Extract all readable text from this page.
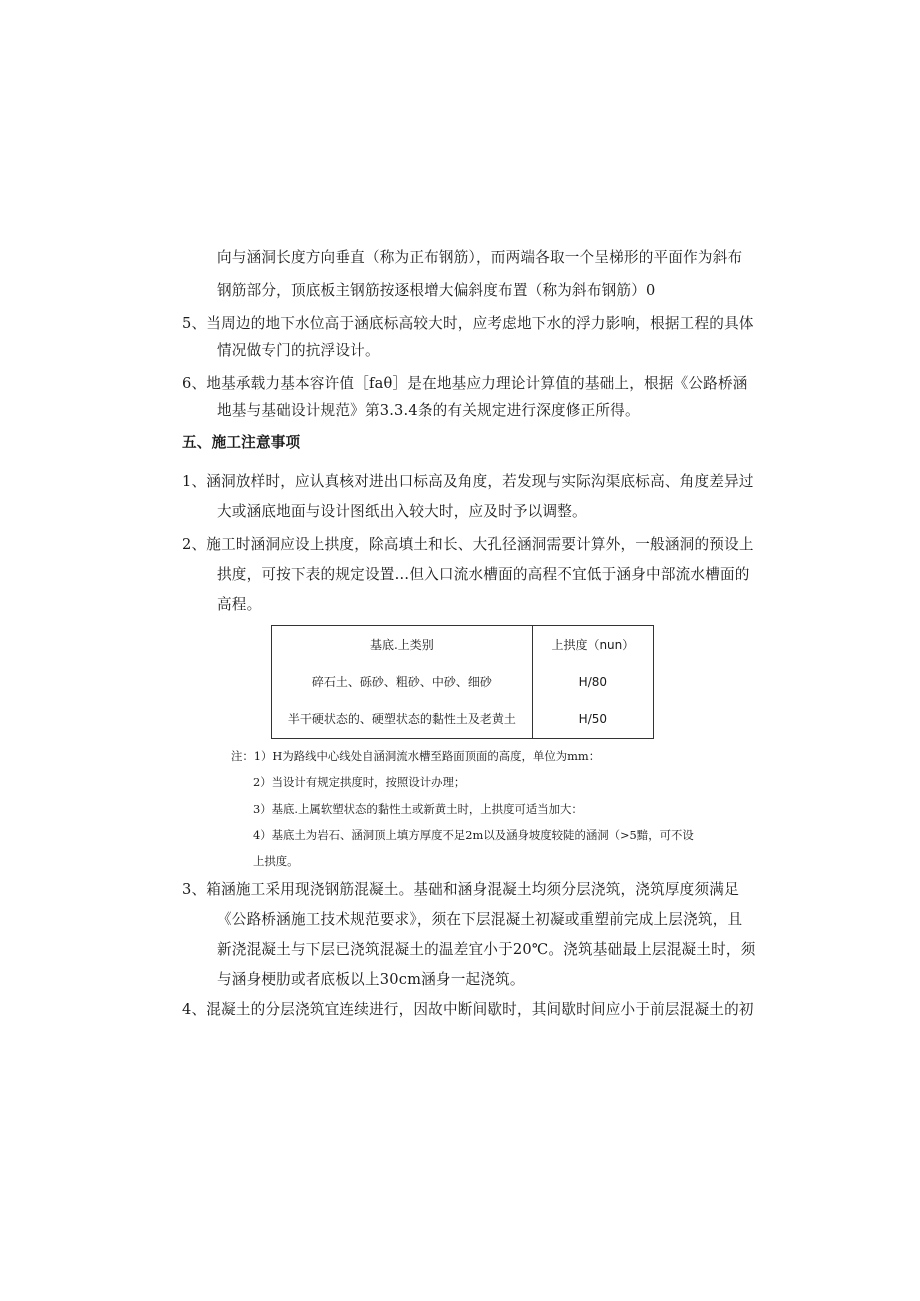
向与涵洞长度方向垂直（称为正布钢筋），而两端各取一个呈梯形的平面作为斜布
钢筋部分，顶底板主钢筋按逐根增大偏斜度布置（称为斜布钢筋）0
5、当周边的地下水位高于涵底标高较大时，应考虑地下水的浮力影响，根据工程的具体
情况做专门的抗浮设计。
6、地基承载力基本容许值［faθ］是在地基应力理论计算值的基础上，根据《公路桥涵
地基与基础设计规范》第3.3.4条的有关规定进行深度修正所得。
五、施工注意事项
1、涵洞放样时，应认真核对进出口标高及角度，若发现与实际沟渠底标高、角度差异过
大或涵底地面与设计图纸出入较大时，应及时予以调整。
2、施工时涵洞应设上拱度，除高填土和长、大孔径涵洞需要计算外，一般涵洞的预设上
拱度，可按下表的规定设置…但入口流水槽面的高程不宜低于涵身中部流水槽面的
高程。
基底.上类别	上拱度（nun）
碎石土、砾砂、粗砂、中砂、细砂	H/80
半干硬状态的、硬塑状态的黏性土及老黄土	H/50
注：1）H为路线中心线处自涵洞流水槽至路面顶面的高度，单位为mm：
2）当设计有规定拱度时，按照设计办理；
3）基底.上属软塑状态的黏性土或新黄土时，上拱度可适当加大：
4）基底土为岩石、涵洞顶上填方厚度不足2m以及涵身坡度较陡的涵洞（>5黯，可不设
上拱度。
3、箱涵施工采用现浇钢筋混凝土。基础和涵身混凝土均须分层浇筑，浇筑厚度须满足
《公路桥涵施工技术规范要求》，须在下层混凝土初凝或重塑前完成上层浇筑，且
新浇混凝土与下层已浇筑混凝土的温差宜小于20℃。浇筑基础最上层混凝土时，须
与涵身梗肋或者底板以上30cm涵身一起浇筑。
4、混凝土的分层浇筑宜连续进行，因故中断间歇时，其间歇时间应小于前层混凝土的初
